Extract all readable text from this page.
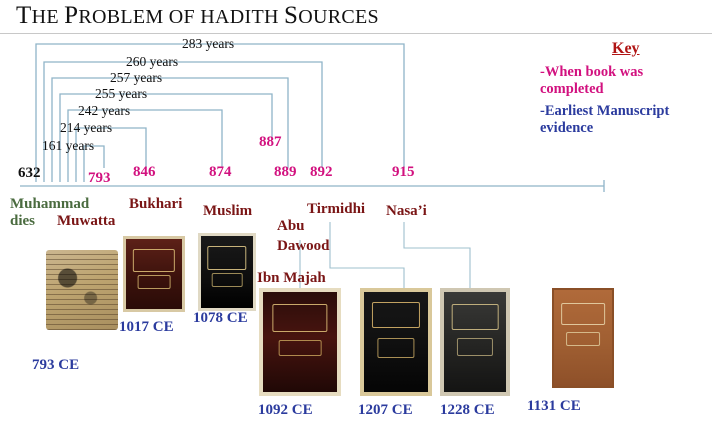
THE PROBLEM OF HADITH SOURCES
283 years
260 years
257 years
255 years
242 years
214 years
161 years
632	793 846	874
887
889 892	915
Muhammad
dies	Muwatta
Bukhari Muslim
Abu
Dawood
Tirmidhi Nasa’i
Ibn Majah
Key
-When book was completed
-Earliest Manuscript evidence
793 CE
1017 CE
1078 CE
1092 CE	1207 CE 1228 CE 1131 CE
